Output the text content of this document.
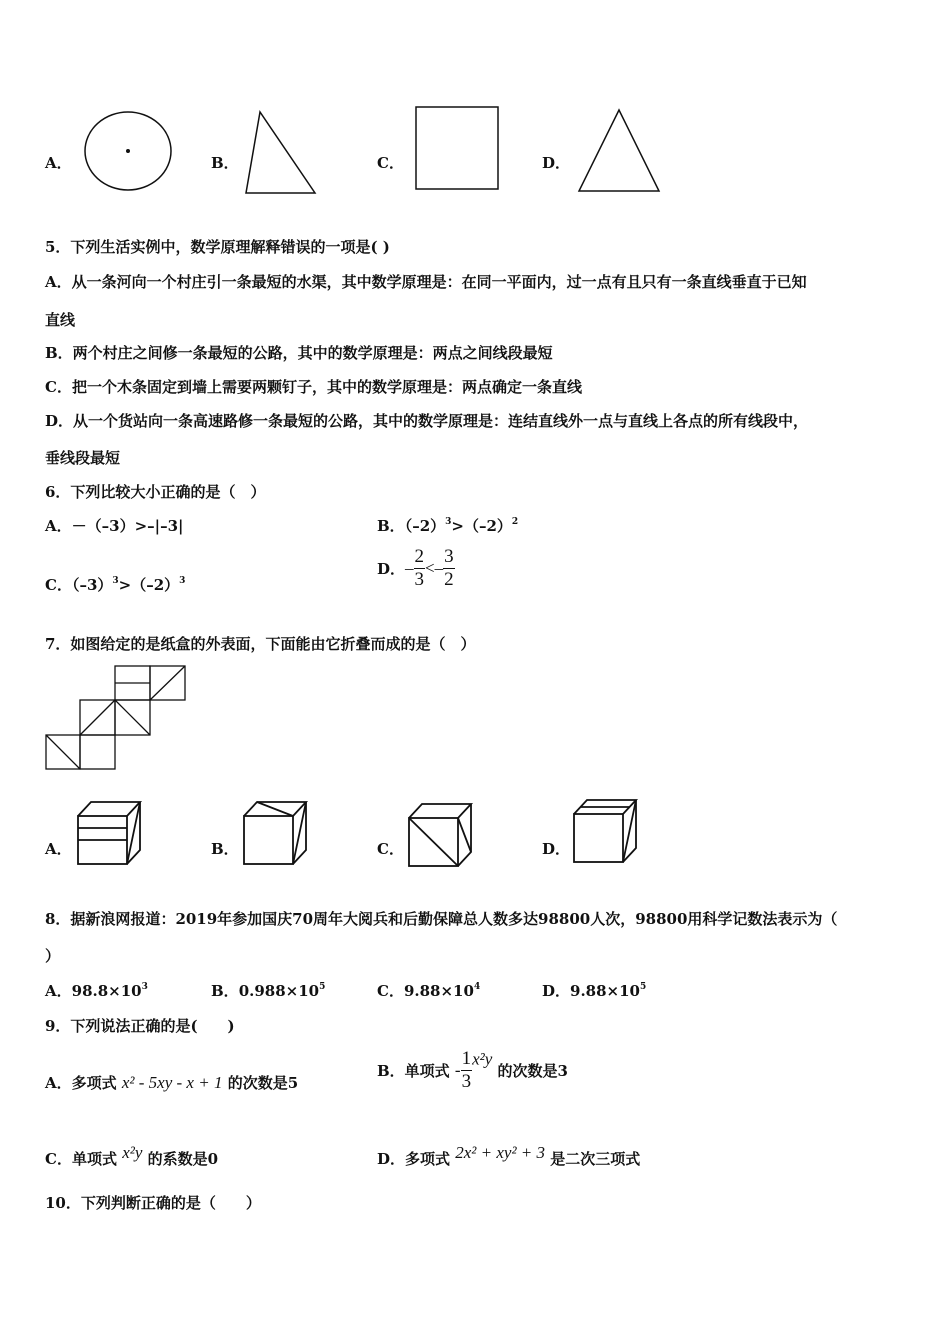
A．	B．	C．	D．
5．下列生活实例中，数学原理解释错误的一项是( )
A．从一条河向一个村庄引一条最短的水渠，其中数学原理是：在同一平面内，过一点有且只有一条直线垂直于已知
直线
B．两个村庄之间修一条最短的公路，其中的数学原理是：两点之间线段最短
C．把一个木条固定到墙上需要两颗钉子，其中的数学原理是：两点确定一条直线
D．从一个货站向一条高速路修一条最短的公路，其中的数学原理是：连结直线外一点与直线上各点的所有线段中，
垂线段最短
6．下列比较大小正确的是（　）
A．－（–3）>–|–3|	B．$(-2)^3>(-2)^2$
C．$(-3)^3>(-2)^3$
D．– $\frac{2}{3} <- \frac{3}{2}$
7．如图给定的是纸盒的外表面，下面能由它折叠而成的是（　）
A．	B．	C．	D．
8．据新浪网报道：2019年参加国庆70周年大阅兵和后勤保障总人数多达98800人次，98800用科学记数法表示为（
）
A．$98.8\times 10^3$	B．$0.988\times 10^5$	C．$9.88\times 10^4$	D．$9.88\times 10^5$
9．下列说法正确的是(　　)
A．多项式 x² - 5xy - x + 1 的次数是5
B．单项式 - $\frac{1}{3} x^2y$ 的次数是3
C．单项式 x²y 的系数是0	D．多项式 2x² + xy² + 3 是二次三项式
10．下列判断正确的是（　　）
